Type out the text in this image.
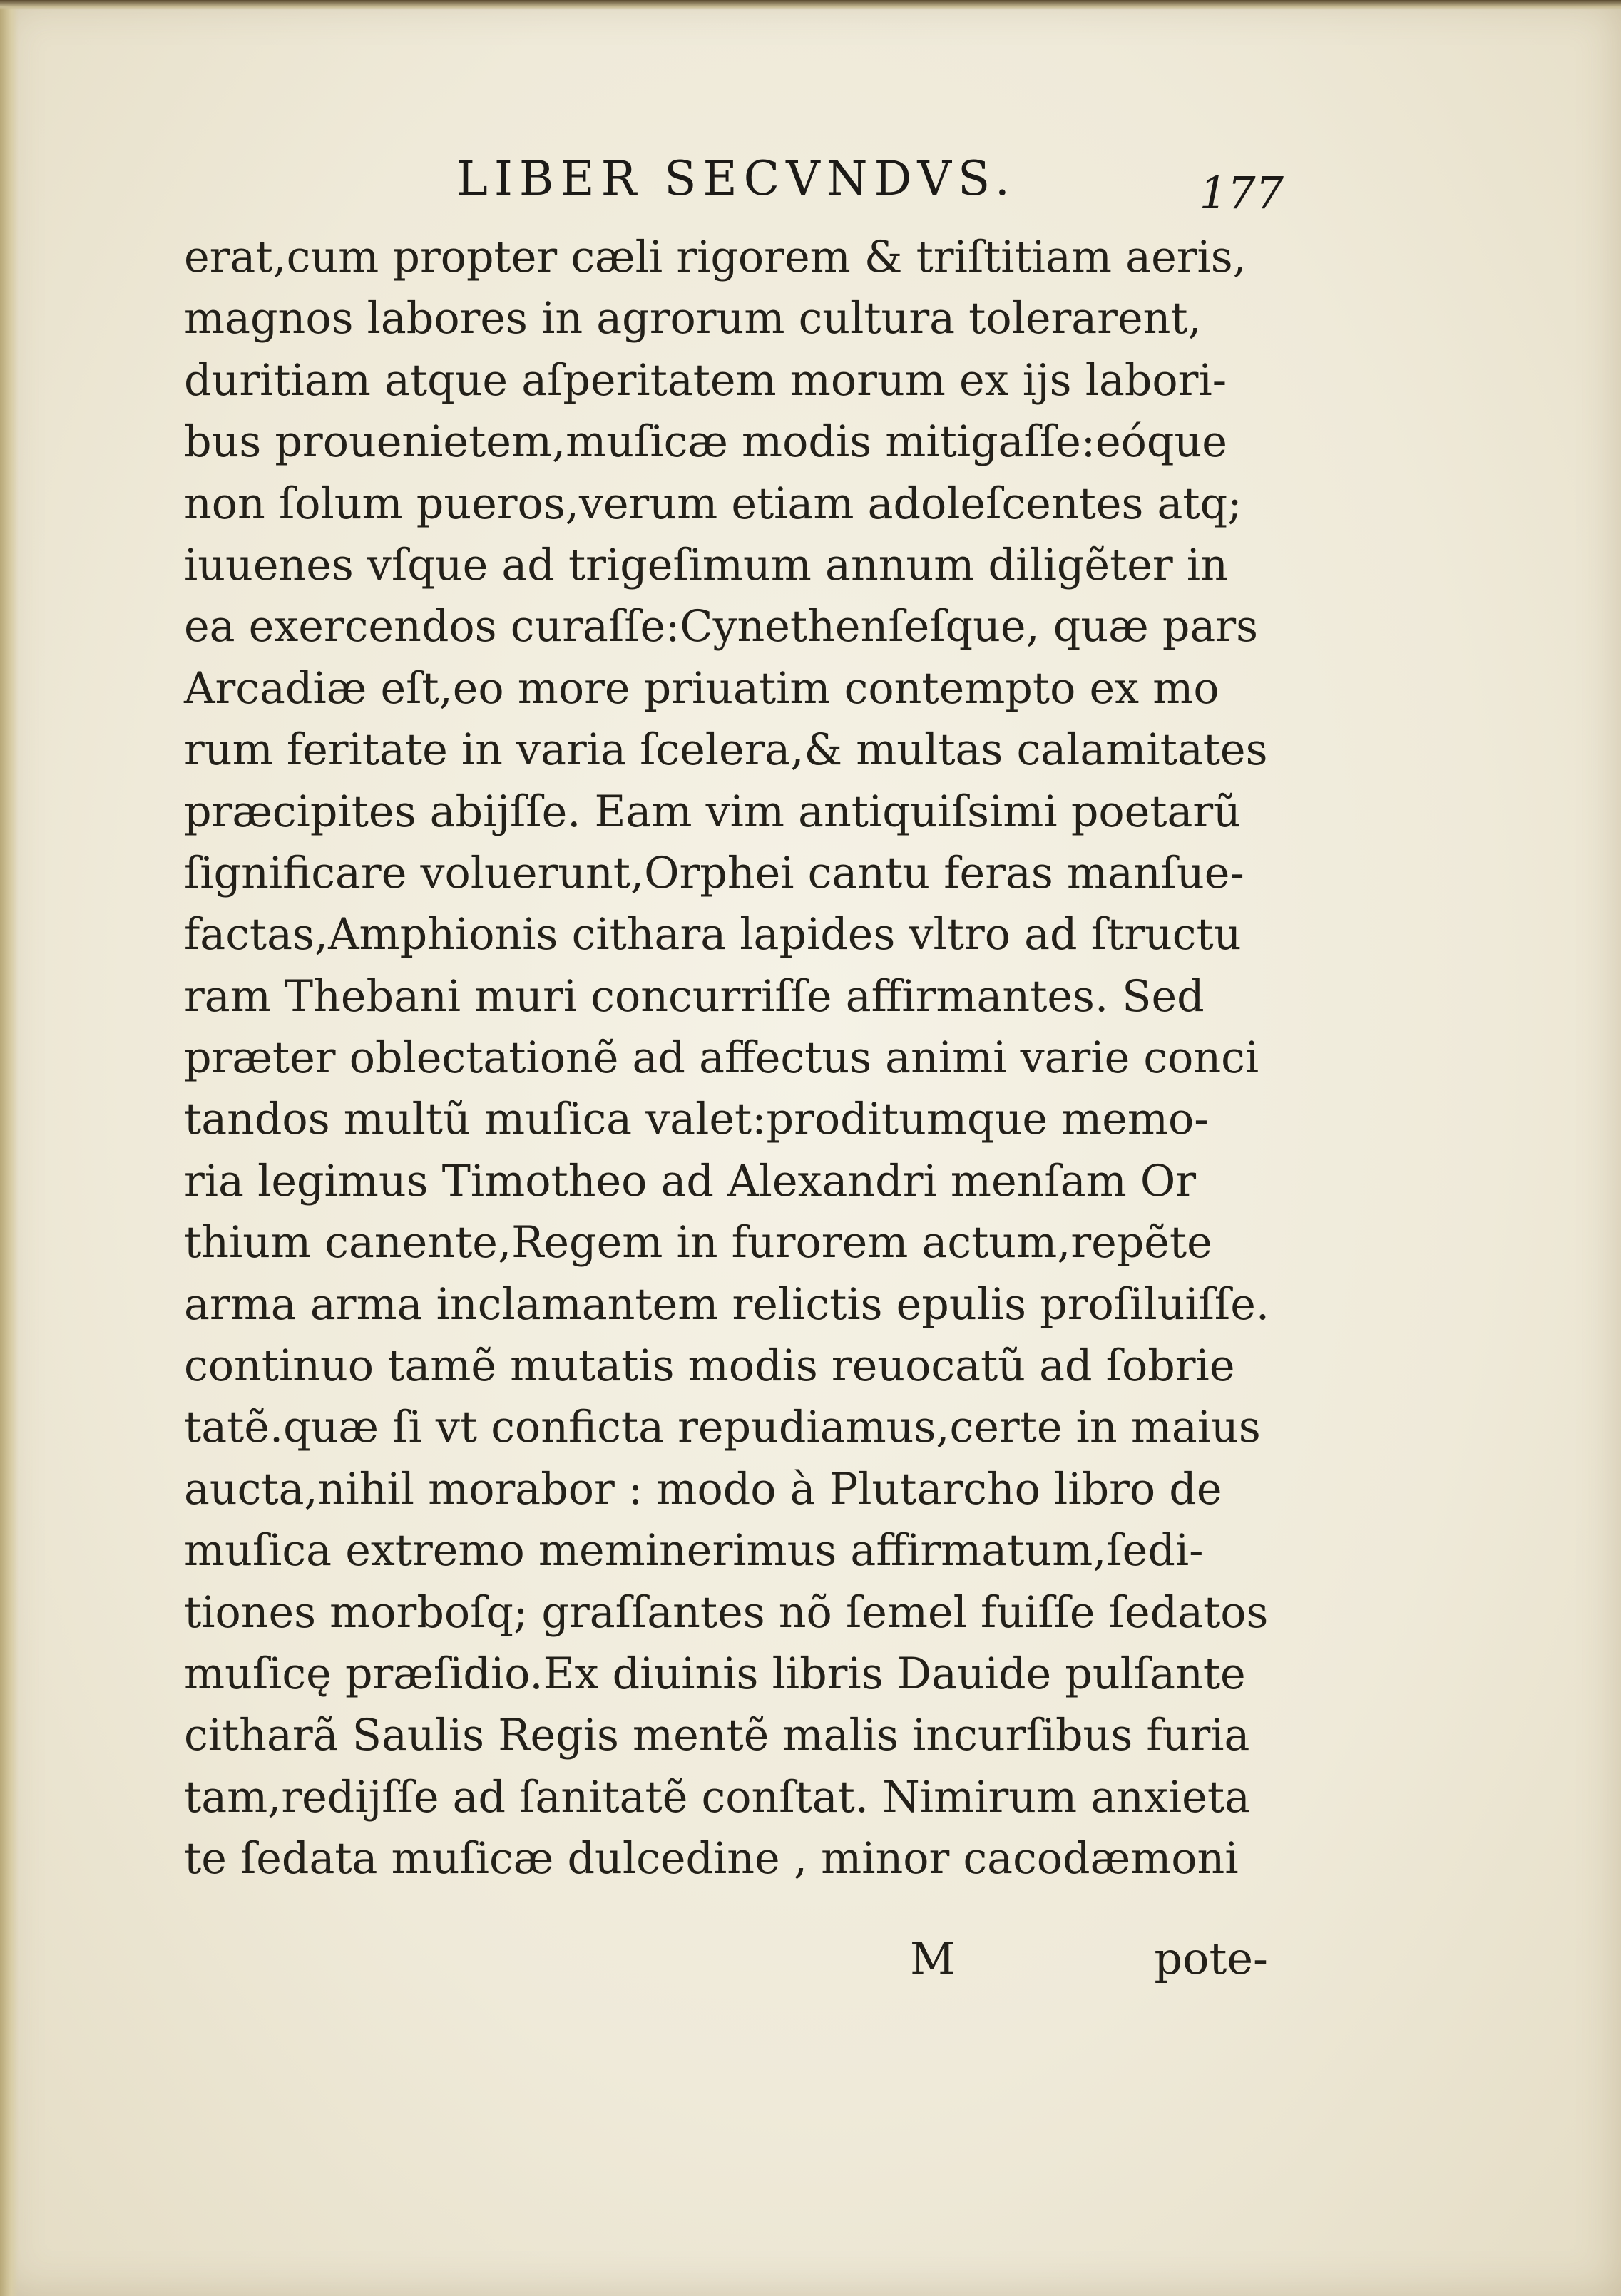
LIBER SECVNDVS.	177
erat,cum propter cæli rigorem & triſtitiam aeris,
magnos labores in agrorum cultura tolerarent,
duritiam atque aſperitatem morum ex ijs labori-
bus prouenietem,muſicæ modis mitigaſſe:eóque
non ſolum pueros,verum etiam adoleſcentes atq;
iuuenes vſque ad trigeſimum annum diligẽter in
ea exercendos curaſſe:Cynethenſeſque, quæ pars
Arcadiæ eſt,eo more priuatim contempto ex mo
rum feritate in varia ſcelera,& multas calamitates
præcipites abijſſe. Eam vim antiquiſsimi poetarũ
ſignificare voluerunt,Orphei cantu feras manſue-
factas,Amphionis cithara lapides vltro ad ſtructu
ram Thebani muri concurriſſe affirmantes. Sed
præter oblectationẽ ad affectus animi varie conci
tandos multũ muſica valet:proditumque memo-
ria legimus Timotheo ad Alexandri menſam Or
thium canente,Regem in furorem actum,repẽte
arma arma inclamantem relictis epulis proſiluiſſe.
continuo tamẽ mutatis modis reuocatũ ad ſobrie
tatẽ.quæ ſi vt conficta repudiamus,certe in maius
aucta,nihil morabor : modo à Plutarcho libro de
muſica extremo meminerimus affirmatum,ſedi-
tiones morboſq; graſſantes nõ ſemel fuiſſe ſedatos
muſicę præſidio.Ex diuinis libris Dauide pulſante
citharã Saulis Regis mentẽ malis incurſibus furia
tam,redijſſe ad ſanitatẽ conſtat. Nimirum anxieta
te ſedata muſicæ dulcedine , minor cacodæmoni
M	pote-
